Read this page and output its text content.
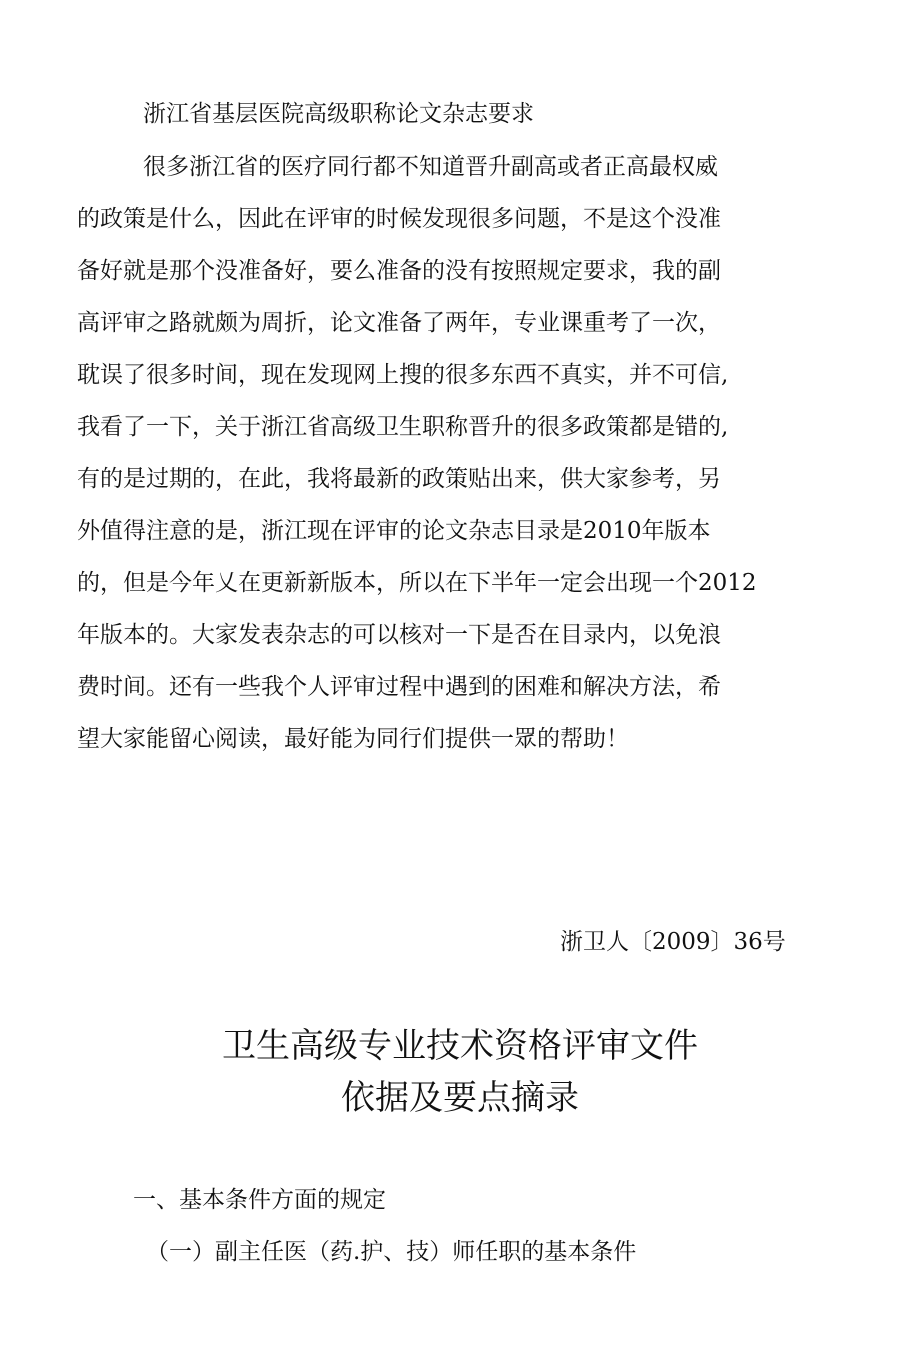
浙江省基层医院高级职称论文杂志要求
很多浙江省的医疗同行都不知道晋升副高或者正高最权威
的政策是什么，因此在评审的时候发现很多问题，不是这个没准
备好就是那个没准备好，要么准备的没有按照规定要求，我的副
高评审之路就颇为周折，论文准备了两年，专业课重考了一次，
耽误了很多时间，现在发现网上搜的很多东西不真实，并不可信,
我看了一下，关于浙江省高级卫生职称晋升的很多政策都是错的,
有的是过期的，在此，我将最新的政策贴出来，供大家参考，另
外值得注意的是，浙江现在评审的论文杂志目录是2010年版本
的，但是今年乂在更新新版本，所以在下半年一定会出现一个2012
年版本的。大家发表杂志的可以核对一下是否在目录内，以免浪
费时间。还有一些我个人评审过程中遇到的困难和解决方法，希
望大家能留心阅读，最好能为同行们提供一眾的帮助！
浙卫人〔2009〕36号
卫生高级专业技术资格评审文件
依据及要点摘录
一、基本条件方面的规定
（一）副主任医（药.护、技）师任职的基本条件
